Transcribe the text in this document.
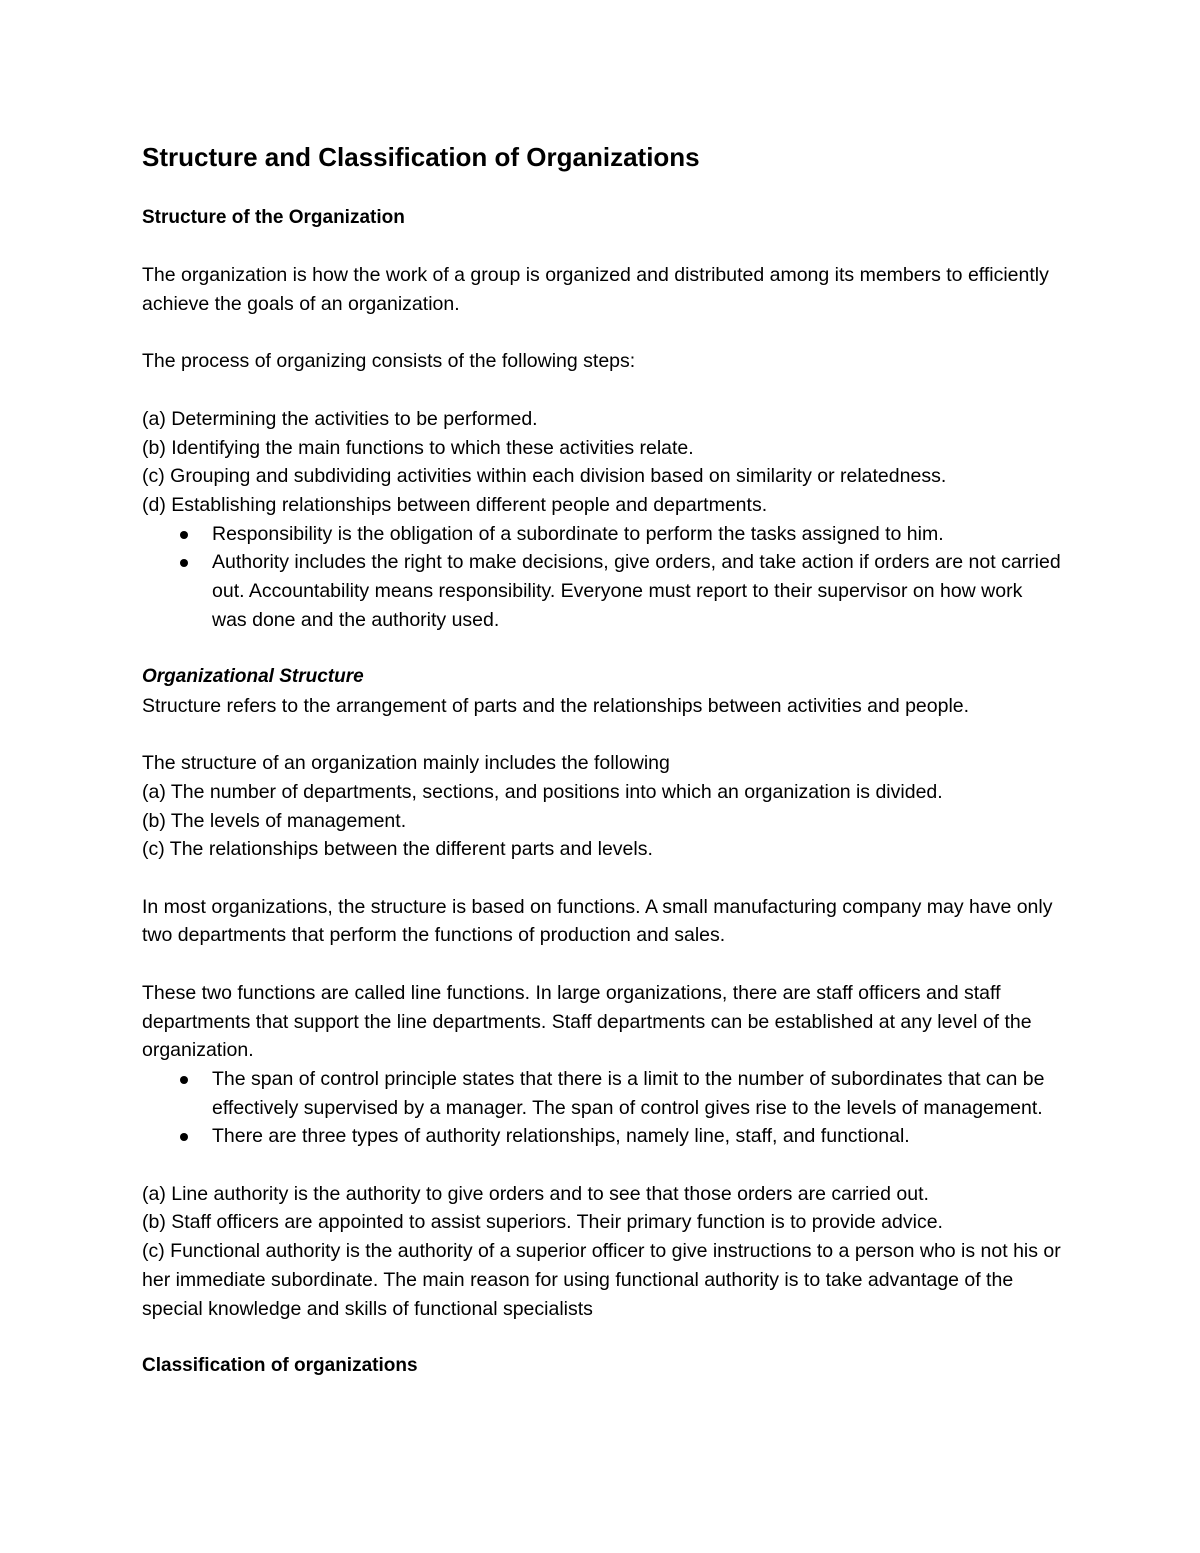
Structure and Classification of Organizations
Structure of the Organization

The organization is how the work of a group is organized and distributed among its members to efficiently achieve the goals of an organization.

The process of organizing consists of the following steps:

(a) Determining the activities to be performed.
(b) Identifying the main functions to which these activities relate.
(c) Grouping and subdividing activities within each division based on similarity or relatedness.
(d) Establishing relationships between different people and departments.
Responsibility is the obligation of a subordinate to perform the tasks assigned to him.
Authority includes the right to make decisions, give orders, and take action if orders are not carried out. Accountability means responsibility. Everyone must report to their supervisor on how work was done and the authority used.
Organizational Structure

Structure refers to the arrangement of parts and the relationships between activities and people.

The structure of an organization mainly includes the following
(a) The number of departments, sections, and positions into which an organization is divided.
(b) The levels of management.
(c) The relationships between the different parts and levels.

In most organizations, the structure is based on functions. A small manufacturing company may have only two departments that perform the functions of production and sales.

These two functions are called line functions. In large organizations, there are staff officers and staff departments that support the line departments. Staff departments can be established at any level of the organization.

The span of control principle states that there is a limit to the number of subordinates that can be effectively supervised by a manager. The span of control gives rise to the levels of management.
There are three types of authority relationships, namely line, staff, and functional.
(a) Line authority is the authority to give orders and to see that those orders are carried out.
(b) Staff officers are appointed to assist superiors. Their primary function is to provide advice.

(c) Functional authority is the authority of a superior officer to give instructions to a person who is not his or her immediate subordinate. The main reason for using functional authority is to take advantage of the special knowledge and skills of functional specialists

Classification of organizations
